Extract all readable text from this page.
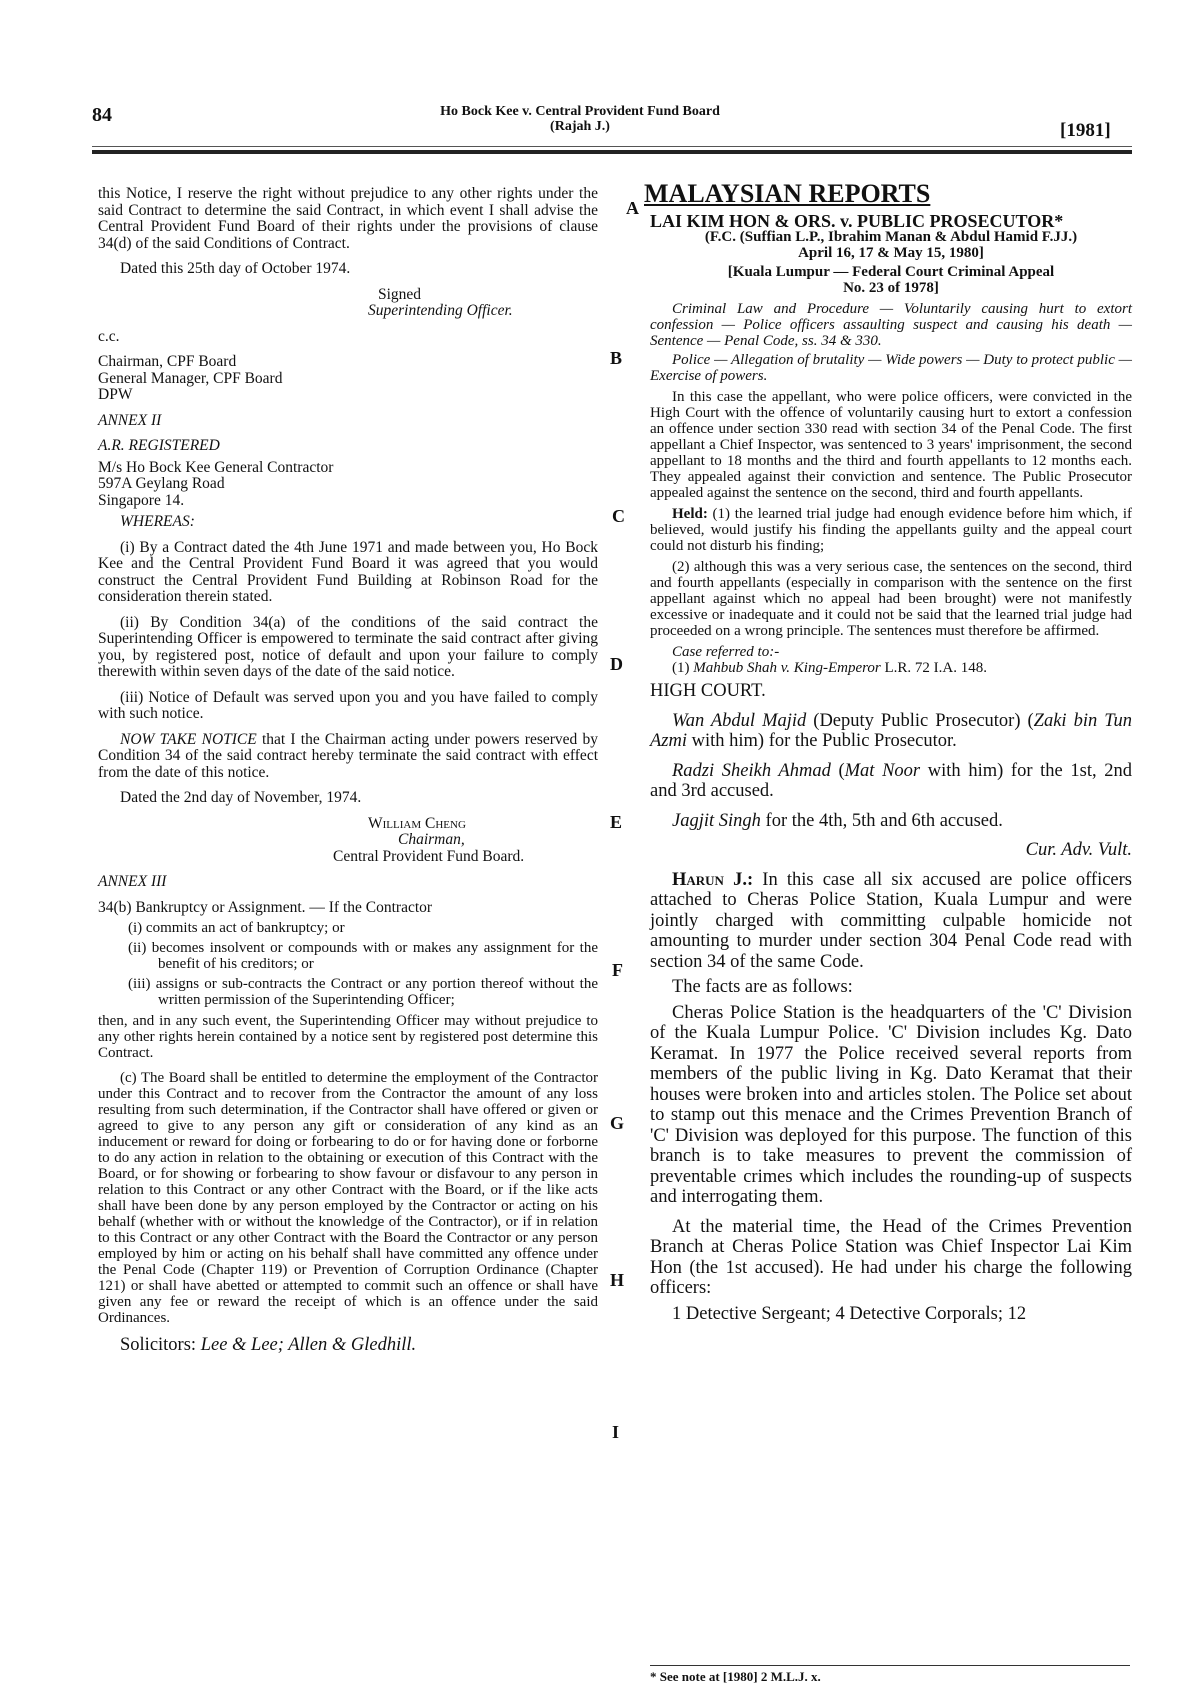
84	Ho Bock Kee v. Central Provident Fund Board
(Rajah J.)	[1981]
A
B
C
D
E
F
G
H
I

this Notice, I reserve the right without prejudice to any other rights under the said Contract to determine the said Contract, in which event I shall advise the Central Provident Fund Board of their rights under the provisions of clause 34(d) of the said Conditions of Contract.

Dated this 25th day of October 1974.

Signed

Superintending Officer.

c.c.

Chairman, CPF Board

General Manager, CPF Board

DPW

ANNEX II

A.R. REGISTERED

M/s Ho Bock Kee General Contractor

597A Geylang Road

Singapore 14.

WHEREAS:

(i) By a Contract dated the 4th June 1971 and made between you, Ho Bock Kee and the Central Provident Fund Board it was agreed that you would construct the Central Provident Fund Building at Robinson Road for the consideration therein stated.

(ii) By Condition 34(a) of the conditions of the said contract the Superintending Officer is empowered to terminate the said contract after giving you, by registered post, notice of default and upon your failure to comply therewith within seven days of the date of the said notice.

(iii) Notice of Default was served upon you and you have failed to comply with such notice.

NOW TAKE NOTICE that I the Chairman acting under powers reserved by Condition 34 of the said contract hereby terminate the said contract with effect from the date of this notice.

Dated the 2nd day of November, 1974.

William Cheng

Chairman,

Central Provident Fund Board.

ANNEX III

34(b) Bankruptcy or Assignment. — If the Contractor

(i) commits an act of bankruptcy; or

(ii) becomes insolvent or compounds with or makes any assignment for the benefit of his creditors; or

(iii) assigns or sub-contracts the Contract or any portion thereof without the written permission of the Superintending Officer;

then, and in any such event, the Superintending Officer may without prejudice to any other rights herein contained by a notice sent by registered post determine this Contract.

(c) The Board shall be entitled to determine the employment of the Contractor under this Contract and to recover from the Contractor the amount of any loss resulting from such determination, if the Contractor shall have offered or given or agreed to give to any person any gift or consideration of any kind as an inducement or reward for doing or forbearing to do or for having done or forborne to do any action in relation to the obtaining or execution of this Contract with the Board, or for showing or forbearing to show favour or disfavour to any person in relation to this Contract or any other Contract with the Board, or if the like acts shall have been done by any person employed by the Contractor or acting on his behalf (whether with or without the knowledge of the Contractor), or if in relation to this Contract or any other Contract with the Board the Contractor or any person employed by him or acting on his behalf shall have committed any offence under the Penal Code (Chapter 119) or Prevention of Corruption Ordinance (Chapter 121) or shall have abetted or attempted to commit such an offence or shall have given any fee or reward the receipt of which is an offence under the said Ordinances.

Solicitors: Lee & Lee; Allen & Gledhill.

MALAYSIAN REPORTS

LAI KIM HON & ORS. v. PUBLIC PROSECUTOR*

(F.C. (Suffian L.P., Ibrahim Manan & Abdul Hamid F.JJ.)

April 16, 17 & May 15, 1980]

[Kuala Lumpur — Federal Court Criminal Appeal

No. 23 of 1978]

Criminal Law and Procedure — Voluntarily causing hurt to extort confession — Police officers assaulting suspect and causing his death — Sentence — Penal Code, ss. 34 & 330.

Police — Allegation of brutality — Wide powers — Duty to protect public — Exercise of powers.

In this case the appellant, who were police officers, were convicted in the High Court with the offence of voluntarily causing hurt to extort a confession an offence under section 330 read with section 34 of the Penal Code. The first appellant a Chief Inspector, was sentenced to 3 years' imprisonment, the second appellant to 18 months and the third and fourth appellants to 12 months each. They appealed against their conviction and sentence. The Public Prosecutor appealed against the sentence on the second, third and fourth appellants.

Held: (1) the learned trial judge had enough evidence before him which, if believed, would justify his finding the appellants guilty and the appeal court could not disturb his finding;

(2) although this was a very serious case, the sentences on the second, third and fourth appellants (especially in comparison with the sentence on the first appellant against which no appeal had been brought) were not manifestly excessive or inadequate and it could not be said that the learned trial judge had proceeded on a wrong principle. The sentences must therefore be affirmed.

Case referred to:-

(1) Mahbub Shah v. King-Emperor L.R. 72 I.A. 148.

HIGH COURT.

Wan Abdul Majid (Deputy Public Prosecutor) (Zaki bin Tun Azmi with him) for the Public Prosecutor.

Radzi Sheikh Ahmad (Mat Noor with him) for the 1st, 2nd and 3rd accused.

Jagjit Singh for the 4th, 5th and 6th accused.

Cur. Adv. Vult.

Harun J.: In this case all six accused are police officers attached to Cheras Police Station, Kuala Lumpur and were jointly charged with committing culpable homicide not amounting to murder under section 304 Penal Code read with section 34 of the same Code.

The facts are as follows:

Cheras Police Station is the headquarters of the 'C' Division of the Kuala Lumpur Police. 'C' Division includes Kg. Dato Keramat. In 1977 the Police received several reports from members of the public living in Kg. Dato Keramat that their houses were broken into and articles stolen. The Police set about to stamp out this menace and the Crimes Prevention Branch of 'C' Division was deployed for this purpose. The function of this branch is to take measures to prevent the commission of preventable crimes which includes the rounding-up of suspects and interrogating them.

At the material time, the Head of the Crimes Prevention Branch at Cheras Police Station was Chief Inspector Lai Kim Hon (the 1st accused). He had under his charge the following officers:

1 Detective Sergeant; 4 Detective Corporals; 12

* See note at [1980] 2 M.L.J. x.
